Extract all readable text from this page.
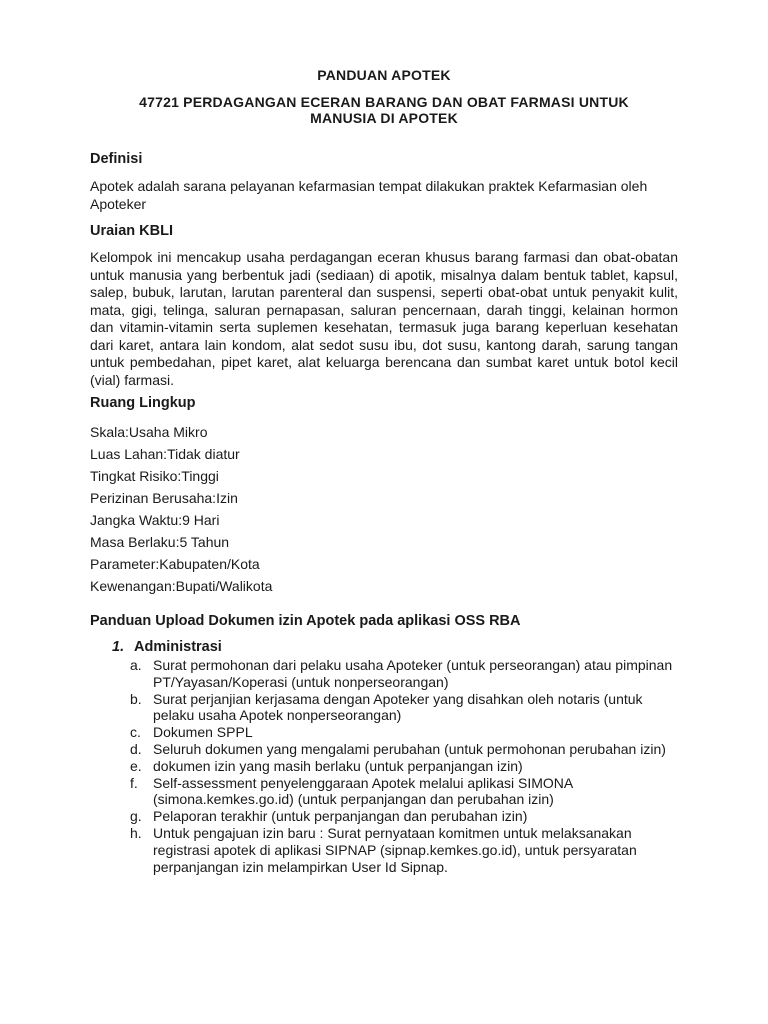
PANDUAN APOTEK
47721 PERDAGANGAN ECERAN BARANG DAN OBAT FARMASI UNTUK
MANUSIA DI APOTEK
Definisi
Apotek adalah sarana pelayanan kefarmasian tempat dilakukan praktek Kefarmasian oleh Apoteker
Uraian KBLI
Kelompok ini mencakup usaha perdagangan eceran khusus barang farmasi dan obat-obatan untuk manusia yang berbentuk jadi (sediaan) di apotik, misalnya dalam bentuk tablet, kapsul, salep, bubuk, larutan, larutan parenteral dan suspensi, seperti obat-obat untuk penyakit kulit, mata, gigi, telinga, saluran pernapasan, saluran pencernaan, darah tinggi, kelainan hormon dan vitamin-vitamin serta suplemen kesehatan, termasuk juga barang keperluan kesehatan dari karet, antara lain kondom, alat sedot susu ibu, dot susu, kantong darah, sarung tangan untuk pembedahan, pipet karet, alat keluarga berencana dan sumbat karet untuk botol kecil (vial) farmasi.
Ruang Lingkup
Skala:Usaha Mikro
Luas Lahan:Tidak diatur
Tingkat Risiko:Tinggi
Perizinan Berusaha:Izin
Jangka Waktu:9 Hari
Masa Berlaku:5 Tahun
Parameter:Kabupaten/Kota
Kewenangan:Bupati/Walikota
Panduan Upload Dokumen izin Apotek pada aplikasi OSS RBA
1. Administrasi
a. Surat permohonan dari pelaku usaha Apoteker (untuk perseorangan) atau pimpinan PT/Yayasan/Koperasi (untuk nonperseorangan)
b. Surat perjanjian kerjasama dengan Apoteker yang disahkan oleh notaris (untuk pelaku usaha Apotek nonperseorangan)
c. Dokumen SPPL
d. Seluruh dokumen yang mengalami perubahan (untuk permohonan perubahan izin)
e. dokumen izin yang masih berlaku (untuk perpanjangan izin)
f.	Self-assessment penyelenggaraan Apotek melalui aplikasi SIMONA (simona.kemkes.go.id) (untuk perpanjangan dan perubahan izin)
g. Pelaporan terakhir (untuk perpanjangan dan perubahan izin)
h. Untuk pengajuan izin baru : Surat pernyataan komitmen untuk melaksanakan registrasi apotek di aplikasi SIPNAP (sipnap.kemkes.go.id), untuk persyaratan perpanjangan izin melampirkan User Id Sipnap.
